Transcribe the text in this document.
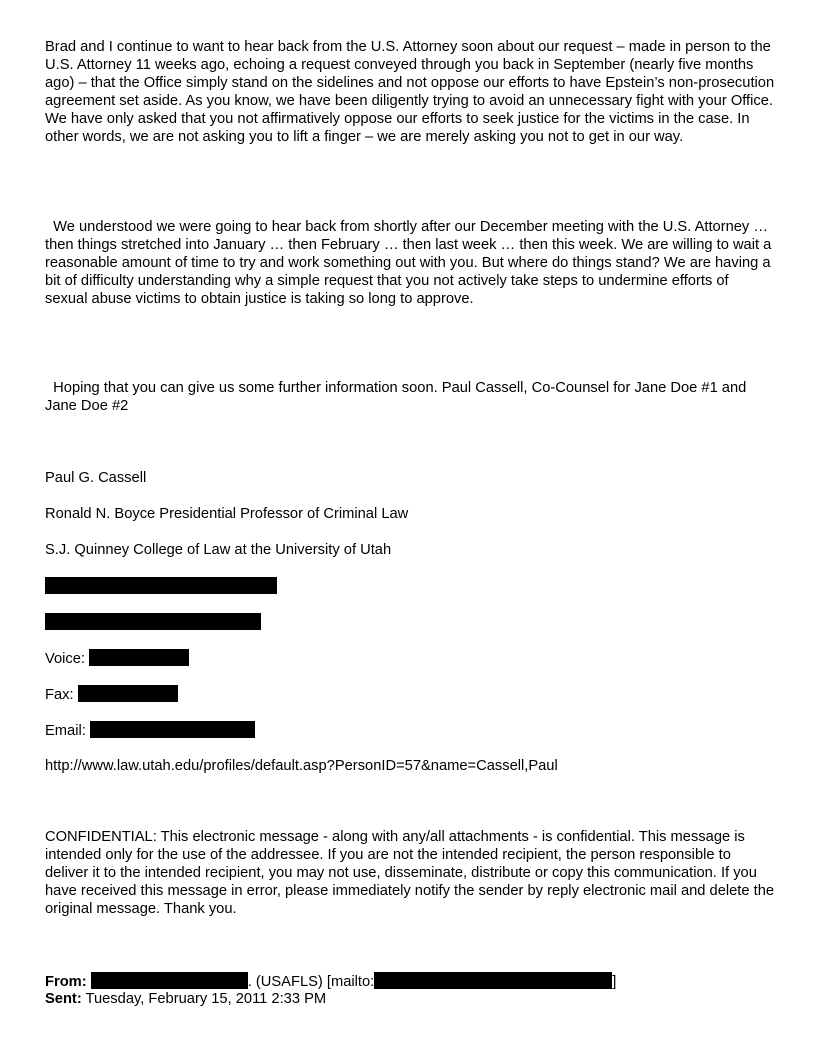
Brad and I continue to want to hear back from the U.S. Attorney soon about our request – made in person to the U.S. Attorney 11 weeks ago, echoing a request conveyed through you back in September (nearly five months ago) – that the Office simply stand on the sidelines and not oppose our efforts to have Epstein’s non-prosecution agreement set aside. As you know, we have been diligently trying to avoid an unnecessary fight with your Office. We have only asked that you not affirmatively oppose our efforts to seek justice for the victims in the case. In other words, we are not asking you to lift a finger – we are merely asking you not to get in our way.

We understood we were going to hear back from shortly after our December meeting with the U.S. Attorney … then things stretched into January … then February … then last week … then this week. We are willing to wait a reasonable amount of time to try and work something out with you. But where do things stand? We are having a bit of difficulty understanding why a simple request that you not actively take steps to undermine efforts of sexual abuse victims to obtain justice is taking so long to approve.

Hoping that you can give us some further information soon. Paul Cassell, Co-Counsel for Jane Doe #1 and Jane Doe #2

Paul G. Cassell
Ronald N. Boyce Presidential Professor of Criminal Law
S.J. Quinney College of Law at the University of Utah
Voice:
Fax:
Email:
http://www.law.utah.edu/profiles/default.asp?PersonID=57&name=Cassell,Paul

CONFIDENTIAL: This electronic message - along with any/all attachments - is confidential. This message is intended only for the use of the addressee. If you are not the intended recipient, the person responsible to deliver it to the intended recipient, you may not use, disseminate, distribute or copy this communication. If you have received this message in error, please immediately notify the sender by reply electronic mail and delete the original message. Thank you.

From:	. (USAFLS) [mailto:	]
Sent: Tuesday, February 15, 2011 2:33 PM
